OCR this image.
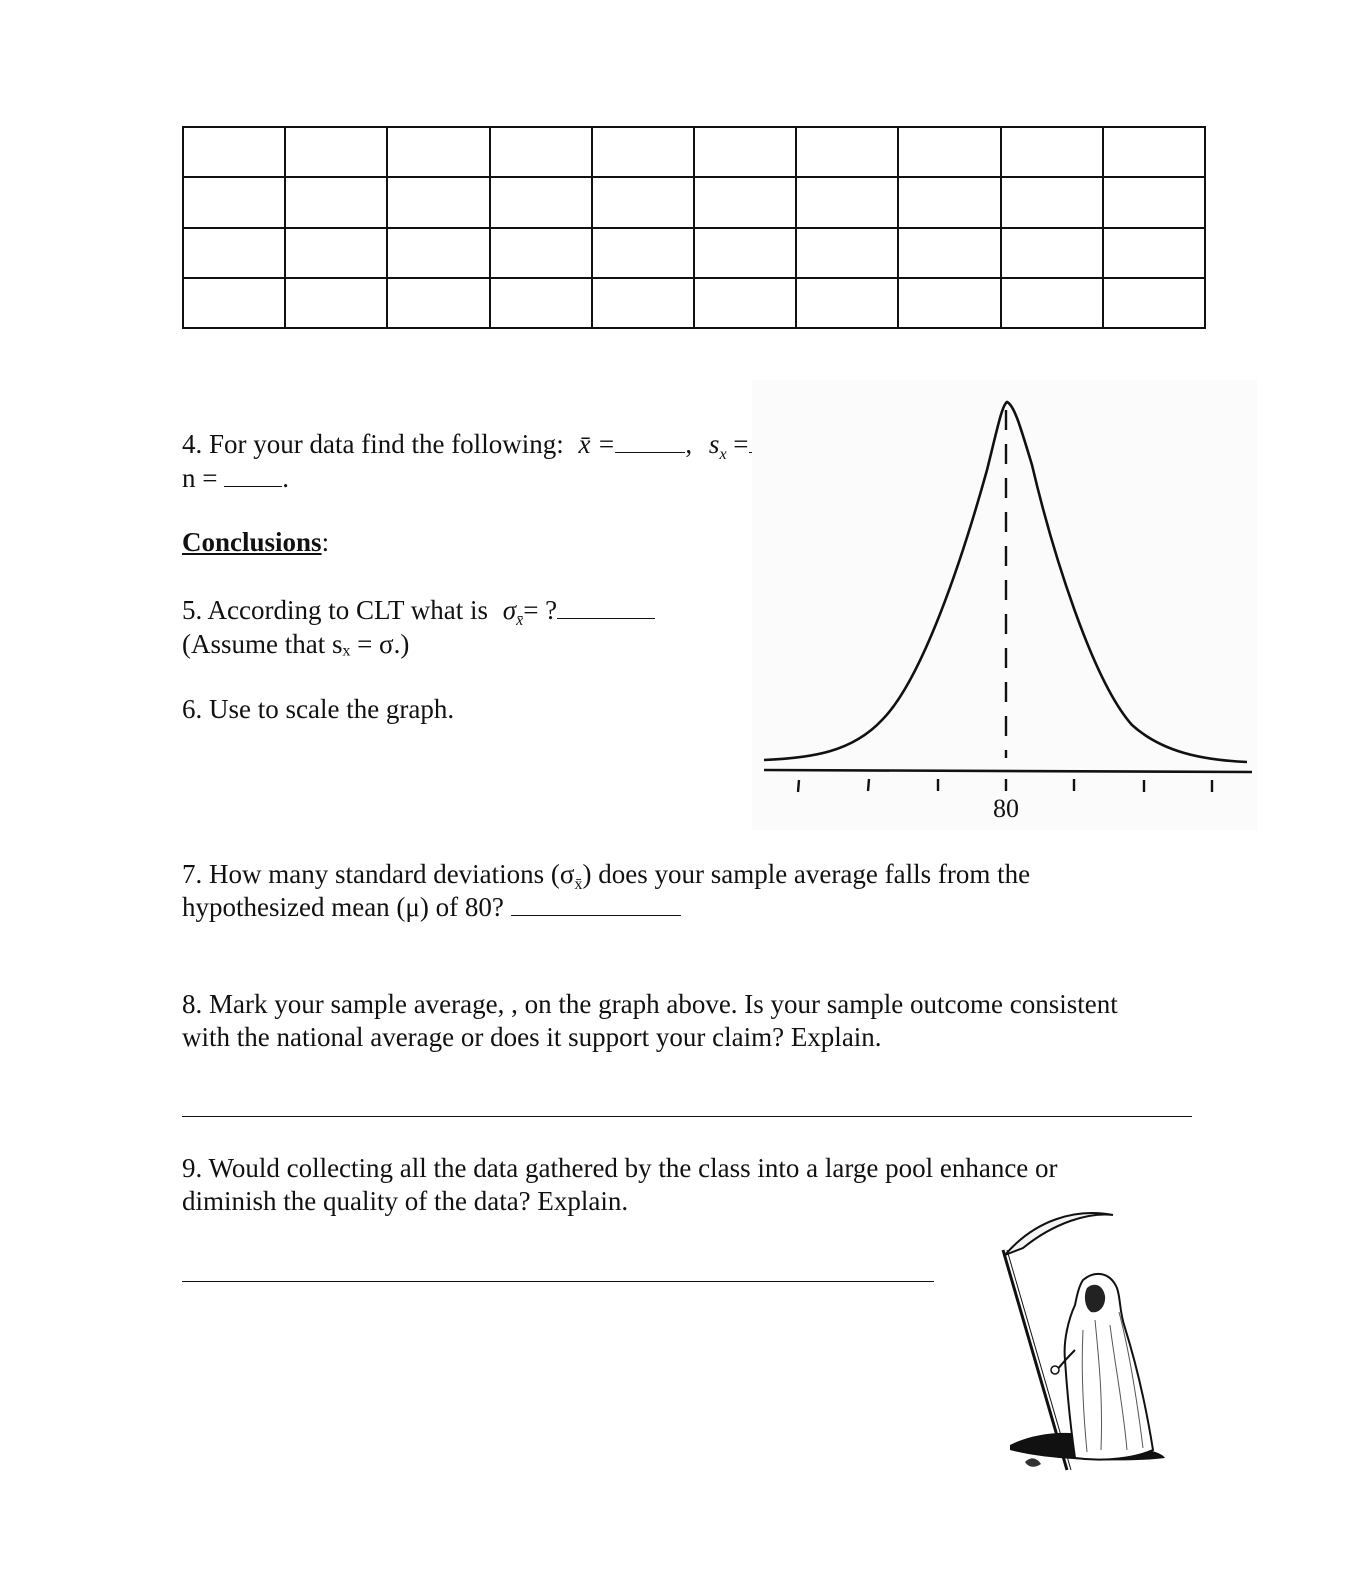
4. For your data find the following: x̄ =	, $s_x$ =
n = .
Conclusions:
5. According to CLT what is $\sigma_{x̄}=$ ?
(Assume that sₓ = σ.)
6. Use to scale the graph.
80
7. How many standard deviations $(\sigma_{x̄})$ does your sample average falls from the
hypothesized mean (μ) of 80?
8. Mark your sample average, , on the graph above. Is your sample outcome consistent
with the national average or does it support your claim? Explain.
9. Would collecting all the data gathered by the class into a large pool enhance or
diminish the quality of the data? Explain.
